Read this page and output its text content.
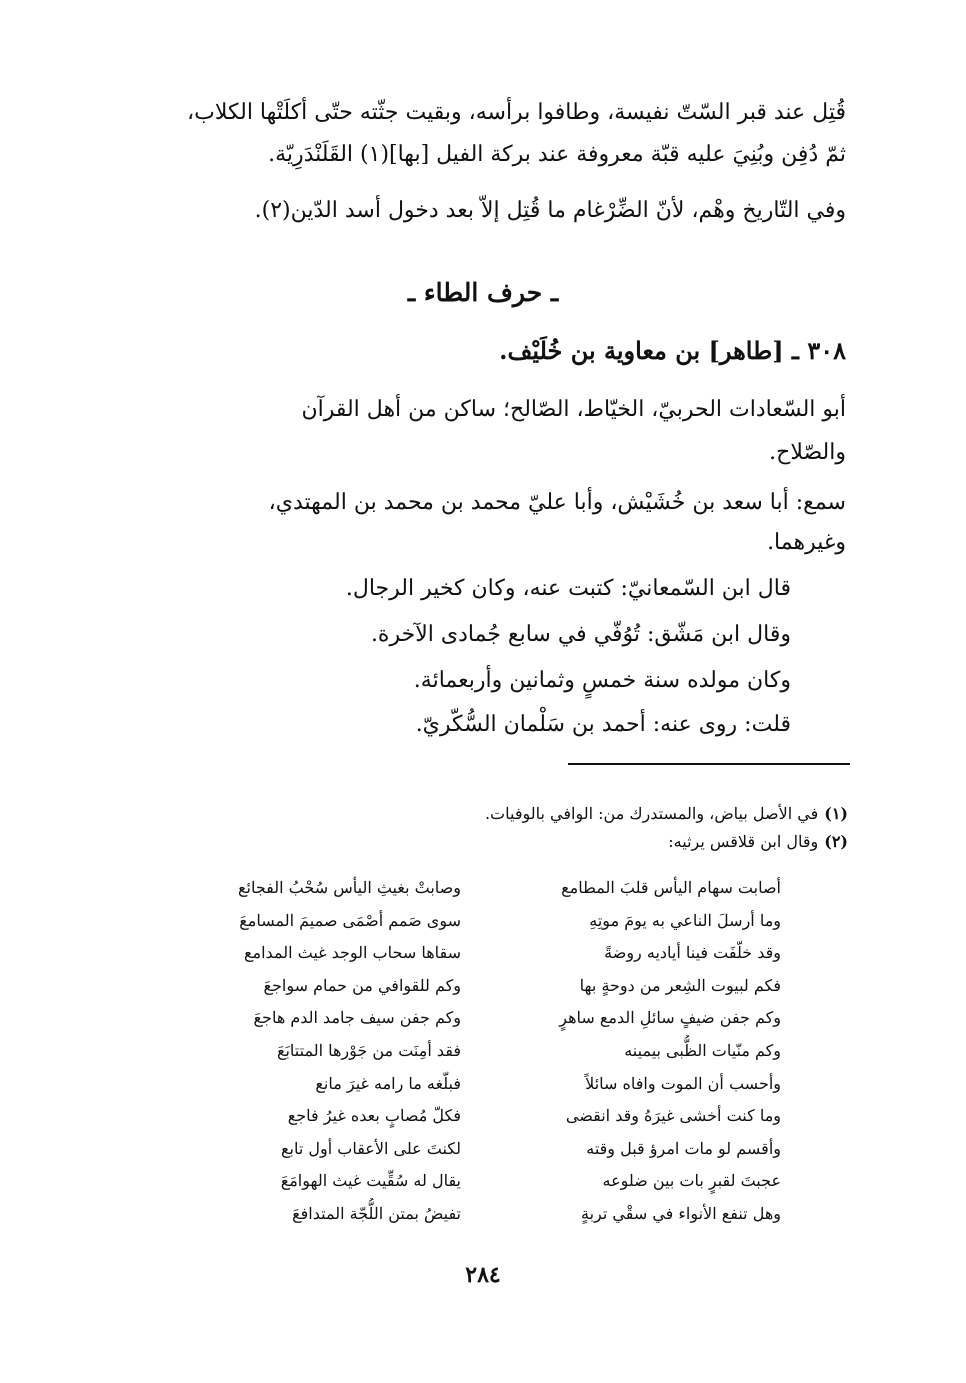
قُتِل عند قبر السّتّ نفيسة، وطافوا برأسه، وبقيت جثّته حتّى أكلَتْها الكلاب،
ثمّ دُفِن وبُنِيَ عليه قبّة معروفة عند بركة الفيل [بها](١) القَلَنْدَرِيّة.
وفي التّاريخ وهْم، لأنّ الضِّرْغام ما قُتِل إلاّ بعد دخول أسد الدّين(٢).
ـ حرف الطاء ـ
٣٠٨ ـ [طاهر] بن معاوية بن خُلَيْف.
أبو السّعادات الحربيّ، الخيّاط، الصّالح؛ ساكن من أهل القرآن
والصّلاح.
سمع: أبا سعد بن خُشَيْش، وأبا عليّ محمد بن محمد بن المهتدي،
وغيرهما.
قال ابن السّمعانيّ: كتبت عنه، وكان كخير الرجال.
وقال ابن مَشّق: تُوُفّي في سابع جُمادى الآخرة.
وكان مولده سنة خمسٍ وثمانين وأربعمائة.
قلت: روى عنه: أحمد بن سَلْمان السُّكّريّ.
(١)في الأصل بياض، والمستدرك من: الوافي بالوفيات.
(٢)وقال ابن قلاقس يرثيه:
أصابت سهام اليأس قلبَ المطامع
وصابتْ بغيثِ اليأس سُحْبُ الفجائع
وما أرسلَ الناعي به يومَ موتِهِ
سوى صَمم أصْمَى صميمَ المسامعَ
وقد خلّفَت فينا أياديه روضةً
سقاها سحاب الوجد غيث المدامع
فكم لبيوت الشِعر من دوحةٍ بها
وكم للقوافي من حمام سواجعَ
وكم جفن ضيفٍ سائلِ الدمع ساهرٍ
وكم جفن سيف جامد الدم هاجعَ
وكم منّيات الظُّبى بيمينه
فقد أمِنَت من جَوْرها المتتابَعَ
وأحسب أن الموت وافاه سائلاً
فبلّغه ما رامه غيرَ مانع
وما كنت أخشى غيرَهُ وقد انقضى
فكلّ مُصابٍ بعده غيرُ فاجع
وأقسم لو مات امرؤ قبل وقته
لكنتَ على الأعقاب أول تابع
عجبتَ لقبرٍ بات بين ضلوعه
يقال له سُقِّيت غيث الهوامَعَ
وهل تنفع الأنواء في سقْي تربةٍ
تفيضُ بمتن اللُّجّة المتدافعَ
٢٨٤
